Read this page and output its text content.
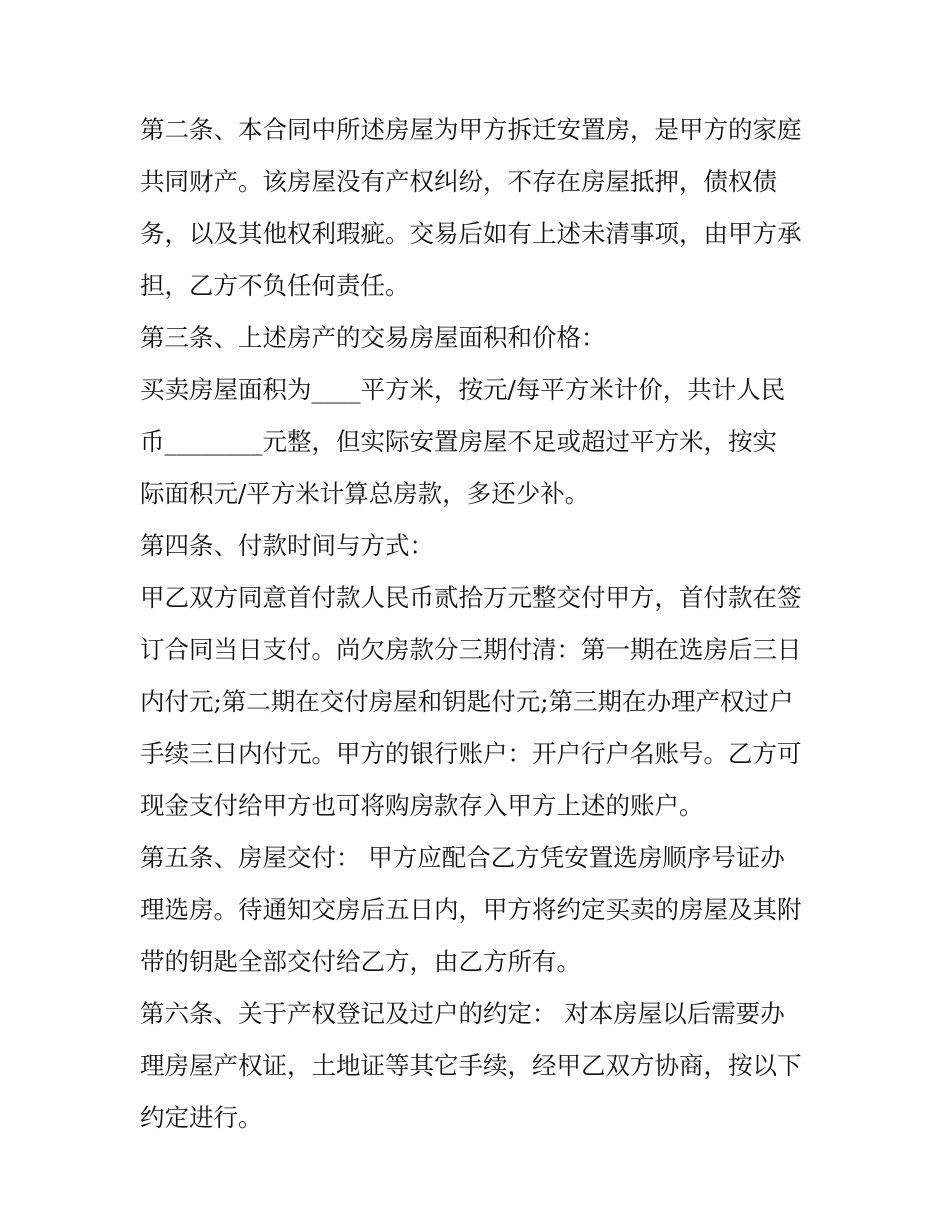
第二条、本合同中所述房屋为甲方拆迁安置房，是甲方的家庭
共同财产。该房屋没有产权纠纷，不存在房屋抵押，债权债
务，以及其他权利瑕疵。交易后如有上述未清事项，由甲方承
担，乙方不负任何责任。
第三条、上述房产的交易房屋面积和价格：
买卖房屋面积为____平方米，按元/每平方米计价，共计人民
币________元整，但实际安置房屋不足或超过平方米，按实
际面积元/平方米计算总房款，多还少补。
第四条、付款时间与方式：
甲乙双方同意首付款人民币贰拾万元整交付甲方，首付款在签
订合同当日支付。尚欠房款分三期付清：第一期在选房后三日
内付元;第二期在交付房屋和钥匙付元;第三期在办理产权过户
手续三日内付元。甲方的银行账户：开户行户名账号。乙方可
现金支付给甲方也可将购房款存入甲方上述的账户。
第五条、房屋交付： 甲方应配合乙方凭安置选房顺序号证办
理选房。待通知交房后五日内，甲方将约定买卖的房屋及其附
带的钥匙全部交付给乙方，由乙方所有。
第六条、关于产权登记及过户的约定： 对本房屋以后需要办
理房屋产权证，土地证等其它手续，经甲乙双方协商，按以下
约定进行。
